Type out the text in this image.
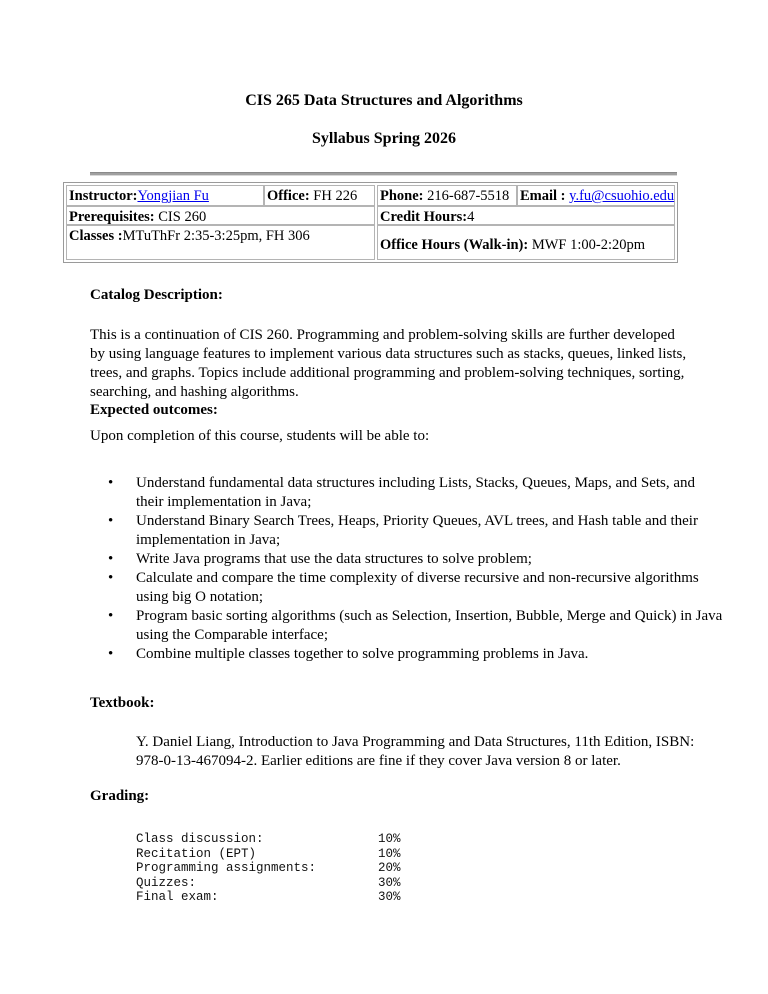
CIS 265 Data Structures and Algorithms
Syllabus Spring 2026
Instructor:Yongjian Fu	Office: FH 226	Phone: 216-687-5518 Email : y.fu@csuohio.edu
Prerequisites: CIS 260	Credit Hours:4
Classes :MTuThFr 2:35-3:25pm, FH 306
Office Hours (Walk-in): MWF 1:00-2:20pm
Catalog Description:
This is a continuation of CIS 260. Programming and problem-solving skills are further developed by using language features to implement various data structures such as stacks, queues, linked lists, trees, and graphs. Topics include additional programming and problem-solving techniques, sorting, searching, and hashing algorithms.
Expected outcomes:
Upon completion of this course, students will be able to:
• Understand fundamental data structures including Lists, Stacks, Queues, Maps, and Sets, and their implementation in Java;
• Understand Binary Search Trees, Heaps, Priority Queues, AVL trees, and Hash table and their implementation in Java;
• Write Java programs that use the data structures to solve problem;
• Calculate and compare the time complexity of diverse recursive and non-recursive algorithms using big O notation;
• Program basic sorting algorithms (such as Selection, Insertion, Bubble, Merge and Quick) in Java using the Comparable interface;
• Combine multiple classes together to solve programming problems in Java.
Textbook:
Y. Daniel Liang, Introduction to Java Programming and Data Structures, 11th Edition, ISBN: 978-0-13-467094-2. Earlier editions are fine if they cover Java version 8 or later.
Grading:
Class discussion:	10%
Recitation (EPT)	10%
Programming assignments:	20%
Quizzes:	30%
Final exam:	30%
